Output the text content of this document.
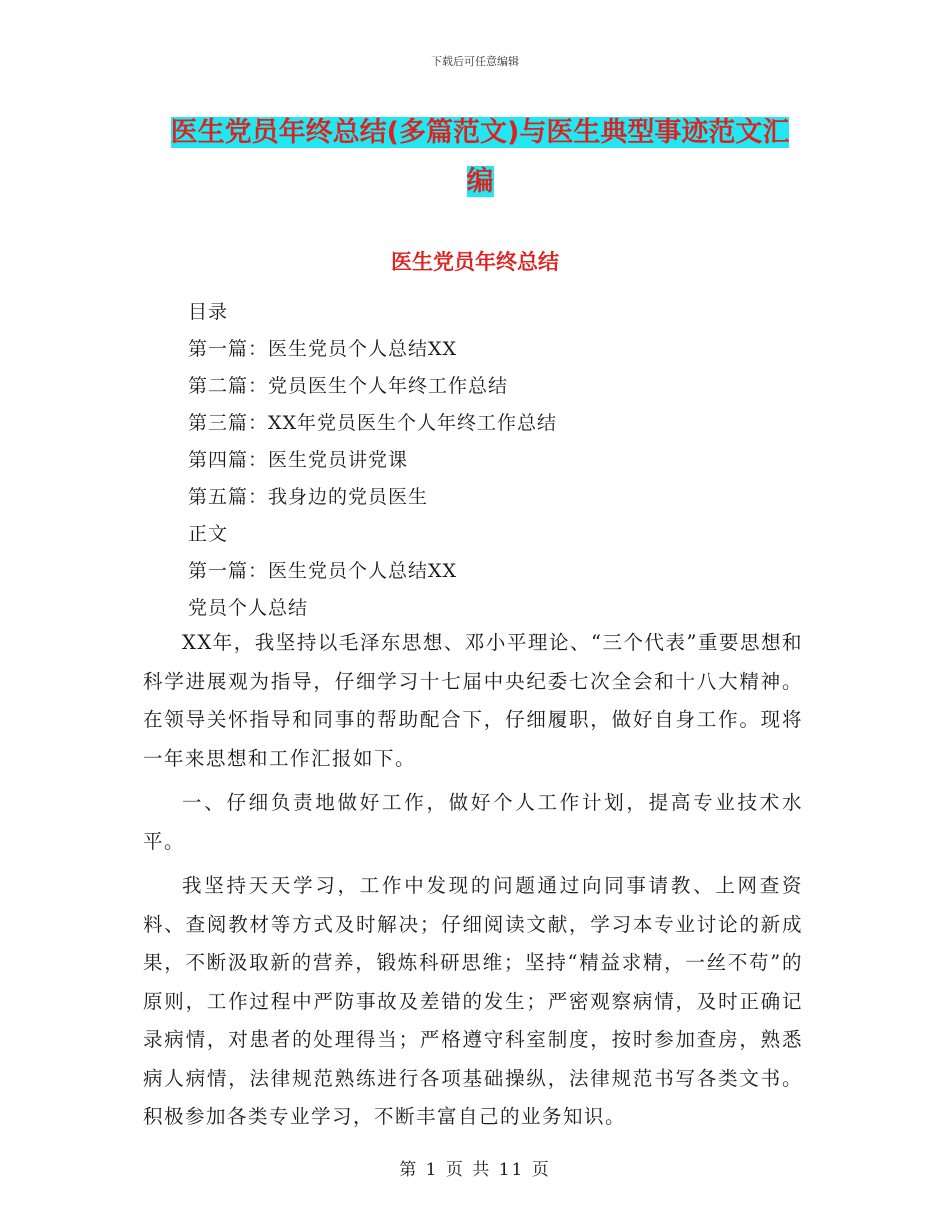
下载后可任意编辑
医生党员年终总结(多篇范文)与医生典型事迹范文汇
编
医生党员年终总结
目录
第一篇：医生党员个人总结XX
第二篇：党员医生个人年终工作总结
第三篇：XX年党员医生个人年终工作总结
第四篇：医生党员讲党课
第五篇：我身边的党员医生
正文
第一篇：医生党员个人总结XX
党员个人总结

XX年，我坚持以毛泽东思想、邓小平理论、“三个代表”重要思想和科学进展观为指导，仔细学习十七届中央纪委七次全会和十八大精神。在领导关怀指导和同事的帮助配合下，仔细履职，做好自身工作。现将一年来思想和工作汇报如下。

一、仔细负责地做好工作，做好个人工作计划，提高专业技术水平。

我坚持天天学习，工作中发现的问题通过向同事请教、上网查资料、查阅教材等方式及时解决；仔细阅读文献，学习本专业讨论的新成果，不断汲取新的营养，锻炼科研思维；坚持“精益求精，一丝不苟”的原则，工作过程中严防事故及差错的发生；严密观察病情，及时正确记录病情，对患者的处理得当；严格遵守科室制度，按时参加查房，熟悉病人病情，法律规范熟练进行各项基础操纵，法律规范书写各类文书。积极参加各类专业学习，不断丰富自己的业务知识。

第 1 页 共 11 页
